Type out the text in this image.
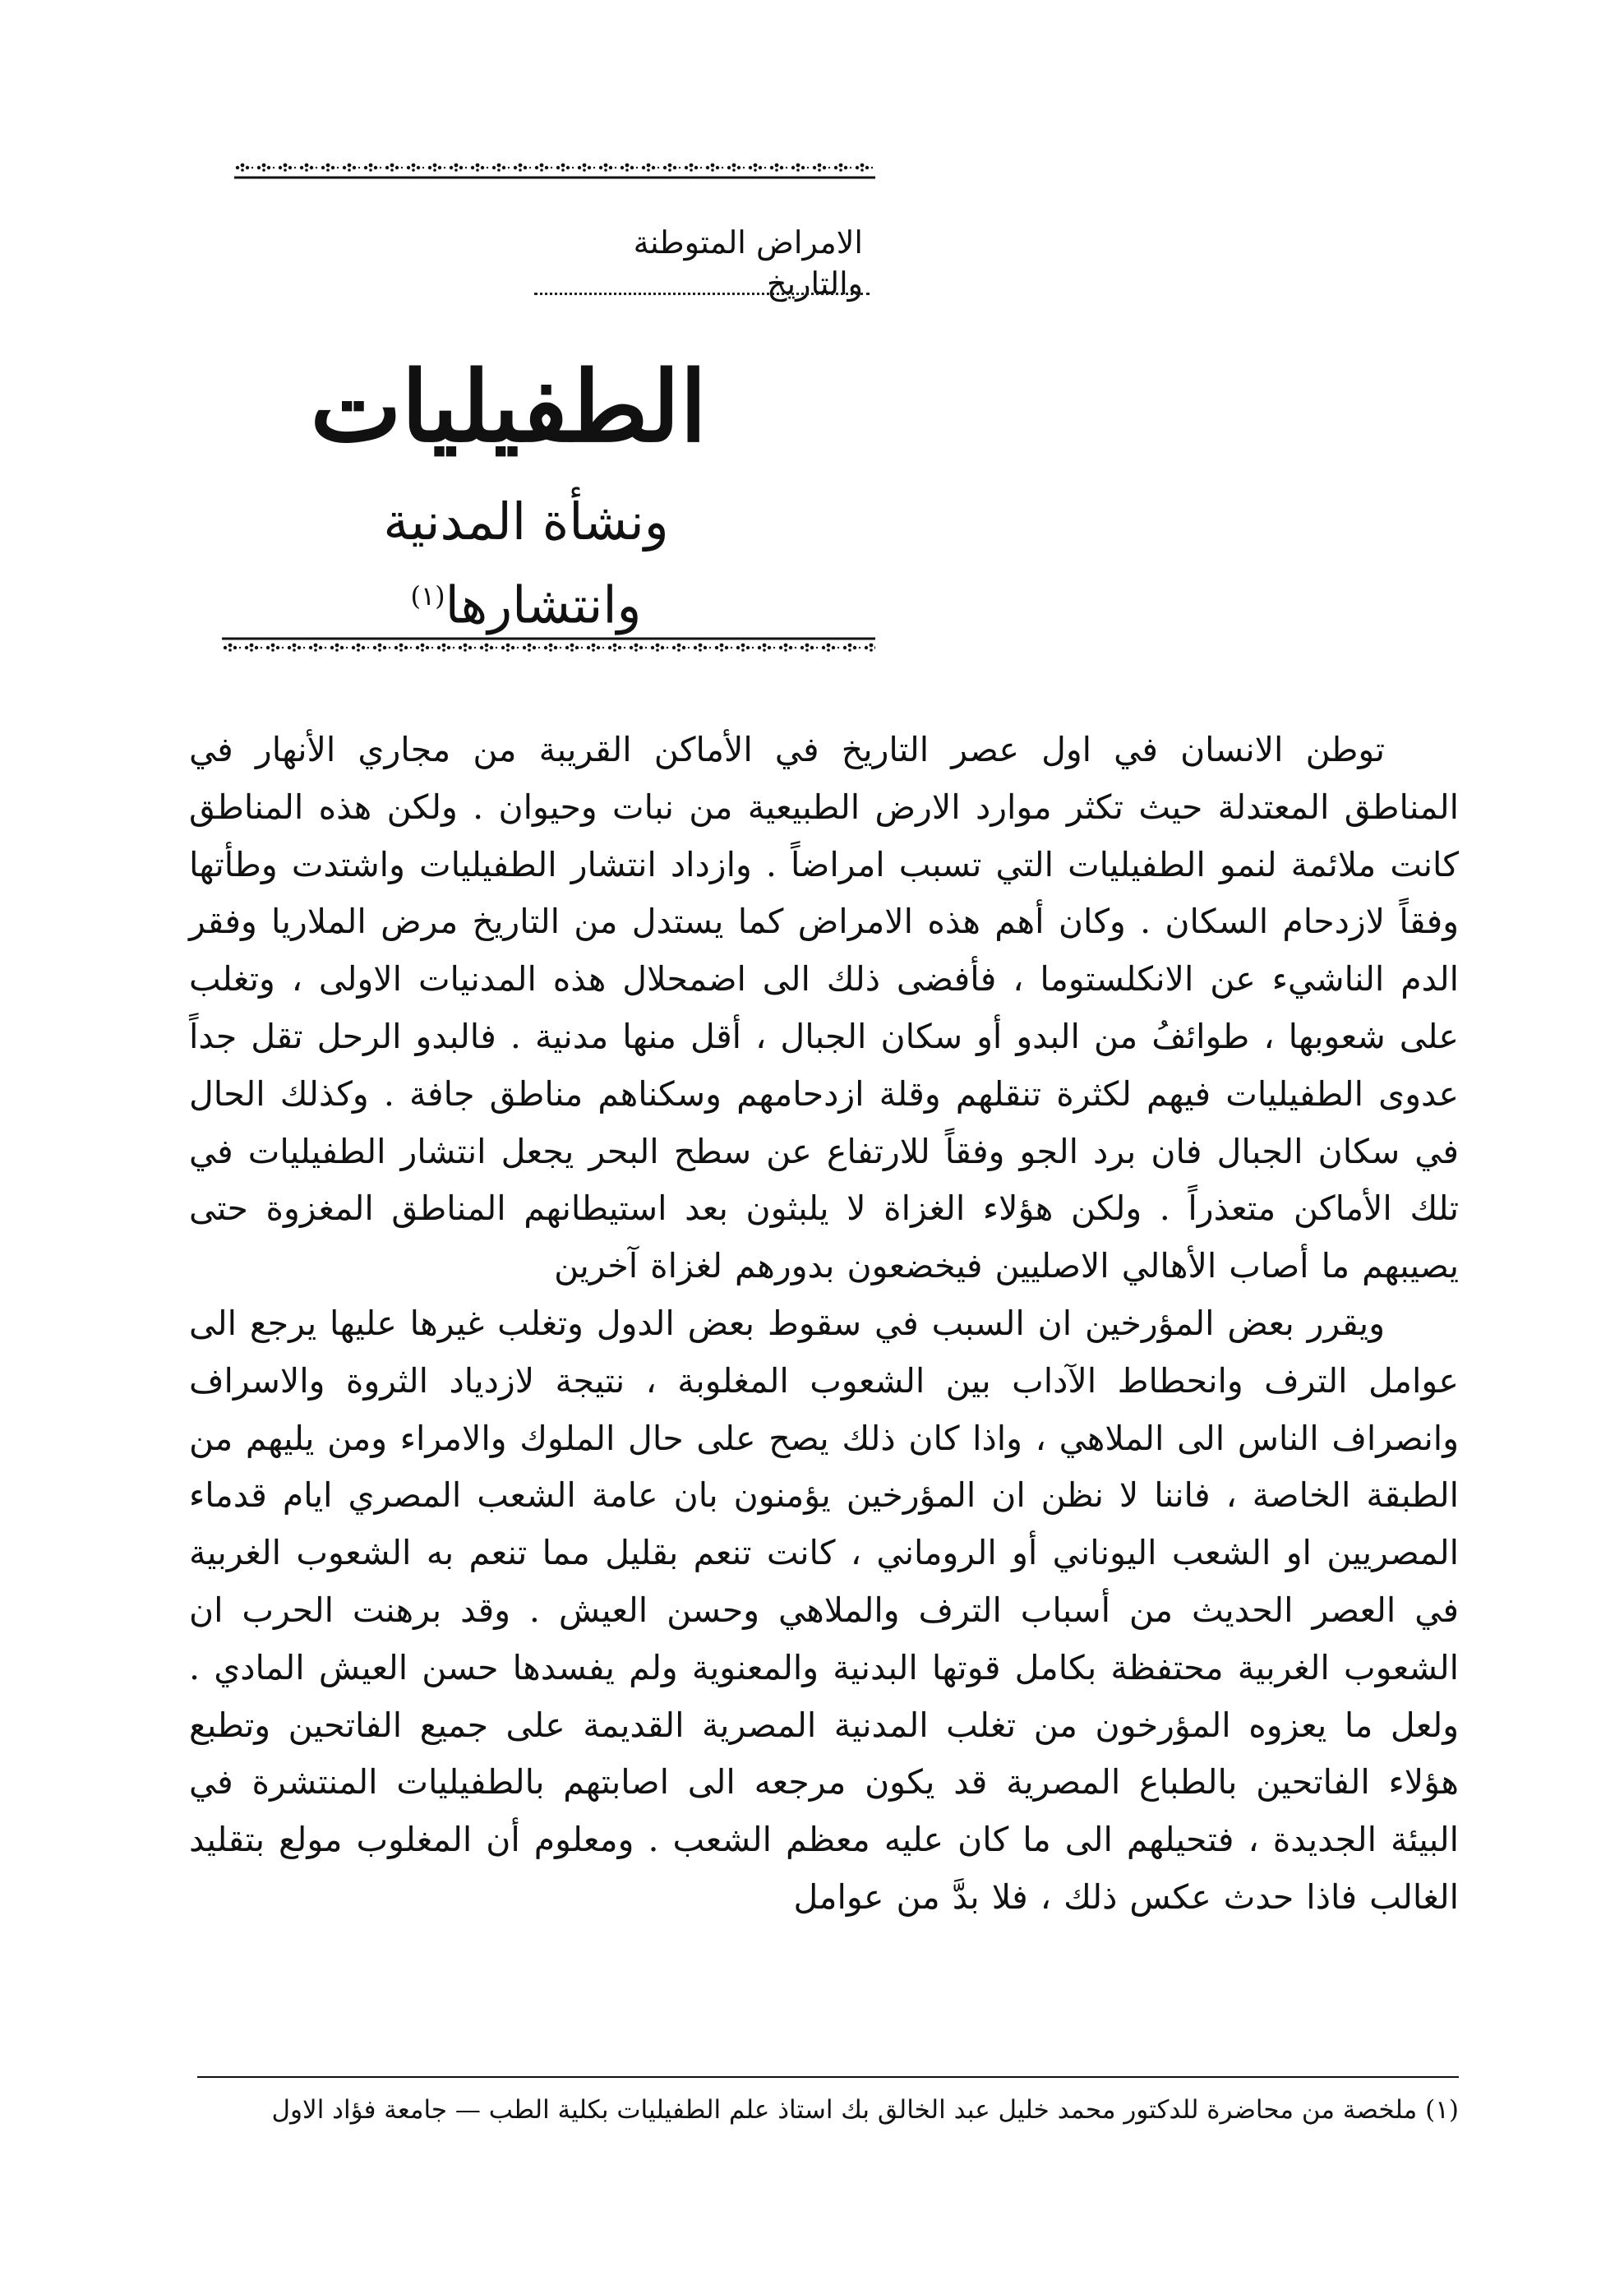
الامراض المتوطنة والتاريخ
الطفيليات
ونشأة المدنية وانتشارها$^{(١)}$

توطن الانسان في اول عصر التاريخ في الأماكن القريبة من مجاري الأنهار في المناطق المعتدلة حيث تكثر موارد الارض الطبيعية من نبات وحيوان . ولكن هذه المناطق كانت ملائمة لنمو الطفيليات التي تسبب امراضاً . وازداد انتشار الطفيليات واشتدت وطأتها وفقاً لازدحام السكان . وكان أهم هذه الامراض كما يستدل من التاريخ مرض الملاريا وفقر الدم الناشيء عن الانكلستوما ، فأفضى ذلك الى اضمحلال هذه المدنيات الاولى ، وتغلب على شعوبها ، طوائفُ من البدو أو سكان الجبال ، أقل منها مدنية . فالبدو الرحل تقل جداً عدوى الطفيليات فيهم لكثرة تنقلهم وقلة ازدحامهم وسكناهم مناطق جافة . وكذلك الحال في سكان الجبال فان برد الجو وفقاً للارتفاع عن سطح البحر يجعل انتشار الطفيليات في تلك الأماكن متعذراً . ولكن هؤلاء الغزاة لا يلبثون بعد استيطانهم المناطق المغزوة حتى يصيبهم ما أصاب الأهالي الاصليين فيخضعون بدورهم لغزاة آخرين

ويقرر بعض المؤرخين ان السبب في سقوط بعض الدول وتغلب غيرها عليها يرجع الى عوامل الترف وانحطاط الآداب بين الشعوب المغلوبة ، نتيجة لازدياد الثروة والاسراف وانصراف الناس الى الملاهي ، واذا كان ذلك يصح على حال الملوك والامراء ومن يليهم من الطبقة الخاصة ، فاننا لا نظن ان المؤرخين يؤمنون بان عامة الشعب المصري ايام قدماء المصريين او الشعب اليوناني أو الروماني ، كانت تنعم بقليل مما تنعم به الشعوب الغربية في العصر الحديث من أسباب الترف والملاهي وحسن العيش . وقد برهنت الحرب ان الشعوب الغربية محتفظة بكامل قوتها البدنية والمعنوية ولم يفسدها حسن العيش المادي . ولعل ما يعزوه المؤرخون من تغلب المدنية المصرية القديمة على جميع الفاتحين وتطبع هؤلاء الفاتحين بالطباع المصرية قد يكون مرجعه الى اصابتهم بالطفيليات المنتشرة في البيئة الجديدة ، فتحيلهم الى ما كان عليه معظم الشعب . ومعلوم أن المغلوب مولع بتقليد الغالب فاذا حدث عكس ذلك ، فلا بدَّ من عوامل

(١) ملخصة من محاضرة للدكتور محمد خليل عبد الخالق بك استاذ علم الطفيليات بكلية الطب — جامعة فؤاد الاول
